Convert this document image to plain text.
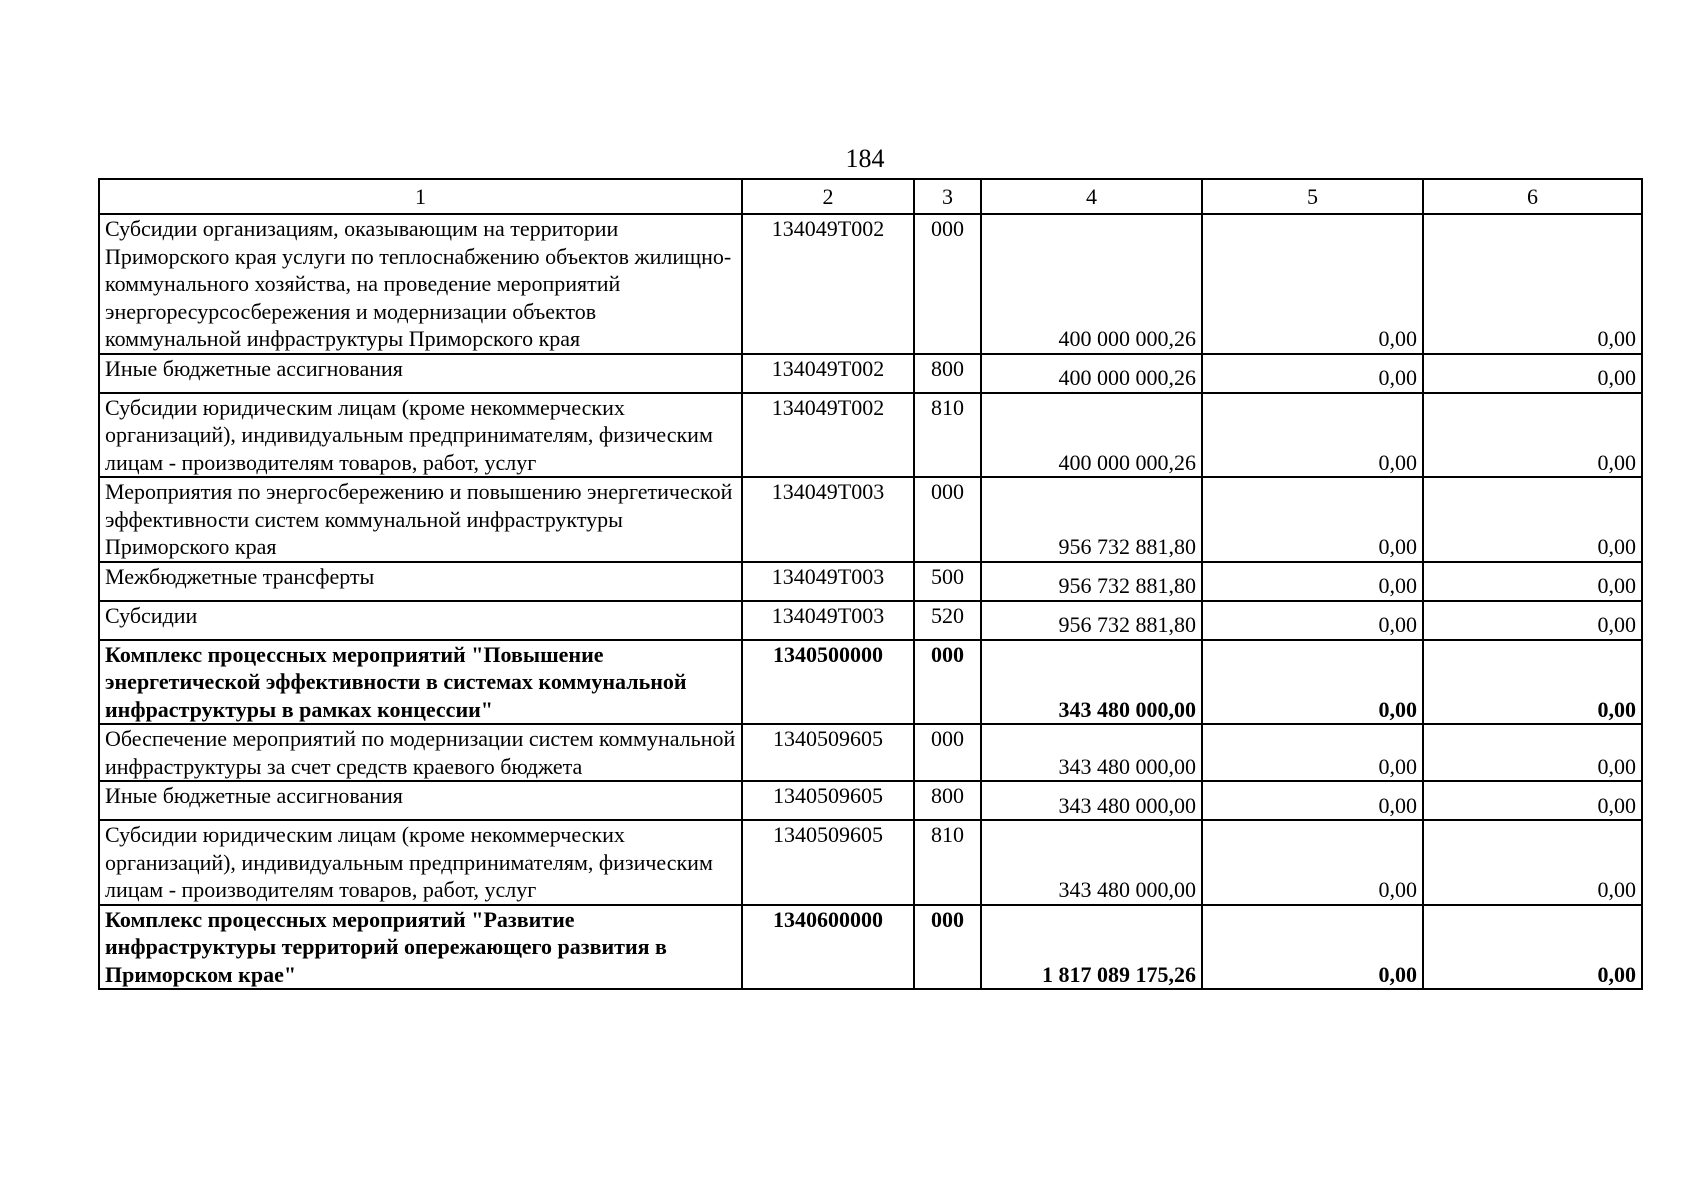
184
1	2	3	4	5	6
Субсидии организациям, оказывающим на территории Приморского края услуги по теплоснабжению объектов жилищно-коммунального хозяйства, на проведение мероприятий энергоресурсосбережения и модернизации объектов коммунальной инфраструктуры Приморского края	134049Т002	000	400 000 000,26	0,00	0,00
Иные бюджетные ассигнования	134049Т002	800	400 000 000,26	0,00	0,00
Субсидии юридическим лицам (кроме некоммерческих организаций), индивидуальным предпринимателям, физическим лицам - производителям товаров, работ, услуг	134049Т002	810	400 000 000,26	0,00	0,00
Мероприятия по энергосбережению и повышению энергетической эффективности систем коммунальной инфраструктуры Приморского края	134049Т003	000	956 732 881,80	0,00	0,00
Межбюджетные трансферты	134049Т003	500	956 732 881,80	0,00	0,00
Субсидии	134049Т003	520	956 732 881,80	0,00	0,00
Комплекс процессных мероприятий "Повышение энергетической эффективности в системах коммунальной инфраструктуры в рамках концессии"	1340500000	000	343 480 000,00	0,00	0,00
Обеспечение мероприятий по модернизации систем коммунальной инфраструктуры за счет средств краевого бюджета	1340509605	000	343 480 000,00	0,00	0,00
Иные бюджетные ассигнования	1340509605	800	343 480 000,00	0,00	0,00
Субсидии юридическим лицам (кроме некоммерческих организаций), индивидуальным предпринимателям, физическим лицам - производителям товаров, работ, услуг	1340509605	810	343 480 000,00	0,00	0,00
Комплекс процессных мероприятий "Развитие инфраструктуры территорий опережающего развития в Приморском крае"	1340600000	000	1 817 089 175,26	0,00	0,00
